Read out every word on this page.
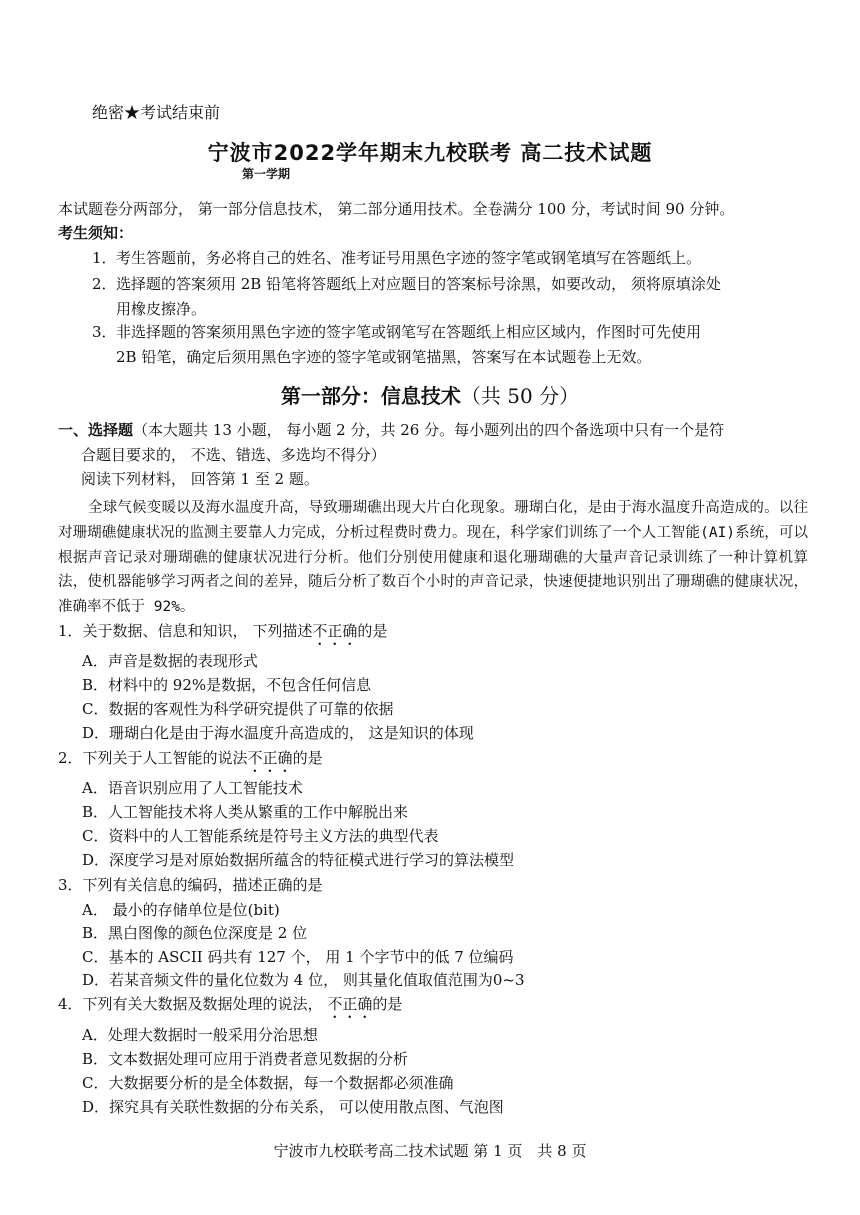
绝密★考试结束前
宁波市2022学年期末九校联考 高二技术试题
第一学期
本试题卷分两部分， 第一部分信息技术， 第二部分通用技术。全卷满分 100 分，考试时间 90 分钟。
考生须知：
1．考生答题前，务必将自己的姓名、准考证号用黑色字迹的签字笔或钢笔填写在答题纸上。
2．选择题的答案须用 2B 铅笔将答题纸上对应题目的答案标号涂黑，如要改动， 须将原填涂处
用橡皮擦净。
3．非选择题的答案须用黑色字迹的签字笔或钢笔写在答题纸上相应区域内，作图时可先使用
2B 铅笔，确定后须用黑色字迹的签字笔或钢笔描黑，答案写在本试题卷上无效。
第一部分：信息技术（共 50 分）
一、选择题（本大题共 13 小题， 每小题 2 分，共 26 分。每小题列出的四个备选项中只有一个是符
合题目要求的， 不选、错选、多选均不得分）
阅读下列材料， 回答第 1 至 2 题。
全球气候变暖以及海水温度升高，导致珊瑚礁出现大片白化现象。珊瑚白化，是由于海水温度升高造成的。以往对珊瑚礁健康状况的监测主要靠人力完成，分析过程费时费力。现在，科学家们训练了一个人工智能(AI)系统，可以根据声音记录对珊瑚礁的健康状况进行分析。他们分别使用健康和退化珊瑚礁的大量声音记录训练了一种计算机算法，使机器能够学习两者之间的差异，随后分析了数百个小时的声音记录，快速便捷地识别出了珊瑚礁的健康状况， 准确率不低于 92%。
1．关于数据、信息和知识， 下列描述不正确的是
A．声音是数据的表现形式
B．材料中的 92%是数据，不包含任何信息
C．数据的客观性为科学研究提供了可靠的依据
D．珊瑚白化是由于海水温度升高造成的， 这是知识的体现
2．下列关于人工智能的说法不正确的是
A．语音识别应用了人工智能技术
B．人工智能技术将人类从繁重的工作中解脱出来
C．资料中的人工智能系统是符号主义方法的典型代表
D．深度学习是对原始数据所蕴含的特征模式进行学习的算法模型
3．下列有关信息的编码，描述正确的是
A． 最小的存储单位是位(bit)
B．黑白图像的颜色位深度是 2 位
C．基本的 ASCII 码共有 127 个， 用 1 个字节中的低 7 位编码
D．若某音频文件的量化位数为 4 位， 则其量化值取值范围为0~3
4．下列有关大数据及数据处理的说法， 不正确的是
A．处理大数据时一般采用分治思想
B．文本数据处理可应用于消费者意见数据的分析
C．大数据要分析的是全体数据，每一个数据都必须准确
D．探究具有关联性数据的分布关系， 可以使用散点图、气泡图
宁波市九校联考高二技术试题 第 1 页　共 8 页
